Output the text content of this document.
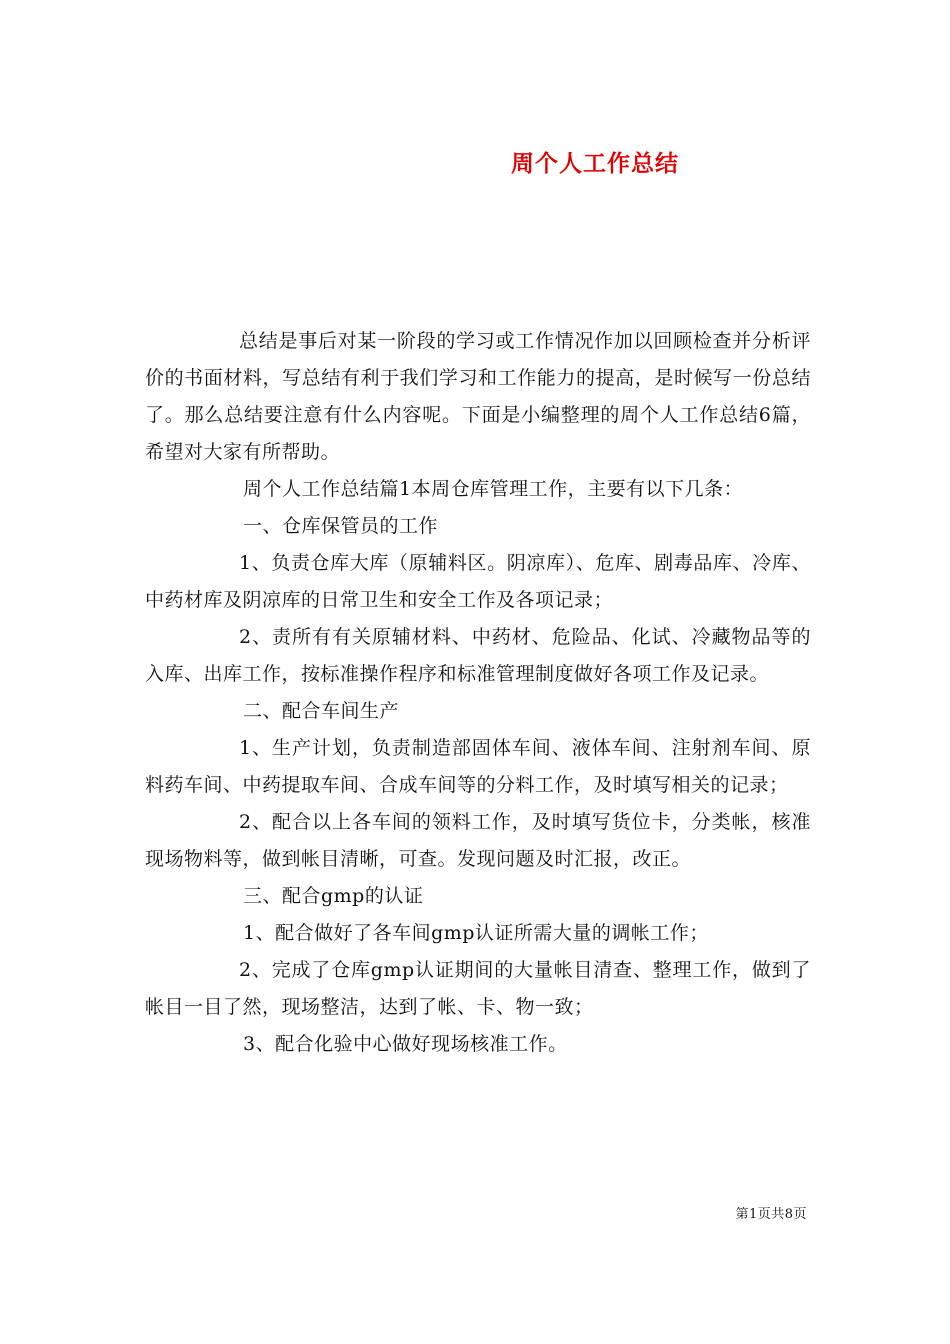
周个人工作总结

总结是事后对某一阶段的学习或工作情况作加以回顾检查并分析评价的书面材料，写总结有利于我们学习和工作能力的提高，是时候写一份总结了。那么总结要注意有什么内容呢。下面是小编整理的周个人工作总结6篇，希望对大家有所帮助。

周个人工作总结篇1本周仓库管理工作，主要有以下几条：

一、仓库保管员的工作

1、负责仓库大库（原辅料区。阴凉库）、危库、剧毒品库、冷库、中药材库及阴凉库的日常卫生和安全工作及各项记录；

2、责所有有关原辅材料、中药材、危险品、化试、冷藏物品等的入库、出库工作，按标准操作程序和标准管理制度做好各项工作及记录。

二、配合车间生产

1、生产计划，负责制造部固体车间、液体车间、注射剂车间、原料药车间、中药提取车间、合成车间等的分料工作，及时填写相关的记录；

2、配合以上各车间的领料工作，及时填写货位卡，分类帐，核准现场物料等，做到帐目清晰，可查。发现问题及时汇报，改正。

三、配合gmp的认证

1、配合做好了各车间gmp认证所需大量的调帐工作；

2、完成了仓库gmp认证期间的大量帐目清查、整理工作，做到了帐目一目了然，现场整洁，达到了帐、卡、物一致；

3、配合化验中心做好现场核准工作。

第1页共8页
